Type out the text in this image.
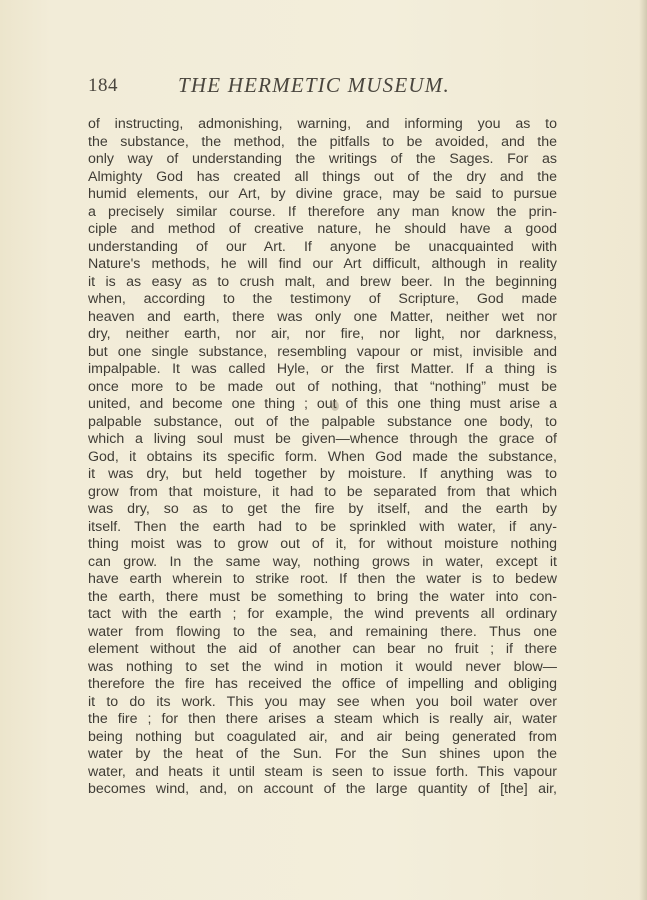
184	THE HERMETIC MUSEUM.
of instructing, admonishing, warning, and informing you as to
the substance, the method, the pitfalls to be avoided, and the
only way of understanding the writings of the Sages. For as
Almighty God has created all things out of the dry and the
humid elements, our Art, by divine grace, may be said to pursue
a precisely similar course. If therefore any man know the prin-
ciple and method of creative nature, he should have a good
understanding of our Art. If anyone be unacquainted with
Nature's methods, he will find our Art difficult, although in reality
it is as easy as to crush malt, and brew beer. In the beginning
when, according to the testimony of Scripture, God made
heaven and earth, there was only one Matter, neither wet nor
dry, neither earth, nor air, nor fire, nor light, nor darkness,
but one single substance, resembling vapour or mist, invisible and
impalpable. It was called Hyle, or the first Matter. If a thing is
once more to be made out of nothing, that “nothing” must be
united, and become one thing ; out of this one thing must arise a
palpable substance, out of the palpable substance one body, to
which a living soul must be given—whence through the grace of
God, it obtains its specific form. When God made the substance,
it was dry, but held together by moisture. If anything was to
grow from that moisture, it had to be separated from that which
was dry, so as to get the fire by itself, and the earth by
itself. Then the earth had to be sprinkled with water, if any-
thing moist was to grow out of it, for without moisture nothing
can grow. In the same way, nothing grows in water, except it
have earth wherein to strike root. If then the water is to bedew
the earth, there must be something to bring the water into con-
tact with the earth ; for example, the wind prevents all ordinary
water from flowing to the sea, and remaining there. Thus one
element without the aid of another can bear no fruit ; if there
was nothing to set the wind in motion it would never blow—
therefore the fire has received the office of impelling and obliging
it to do its work. This you may see when you boil water over
the fire ; for then there arises a steam which is really air, water
being nothing but coagulated air, and air being generated from
water by the heat of the Sun. For the Sun shines upon the
water, and heats it until steam is seen to issue forth. This vapour
becomes wind, and, on account of the large quantity of [the] air,
